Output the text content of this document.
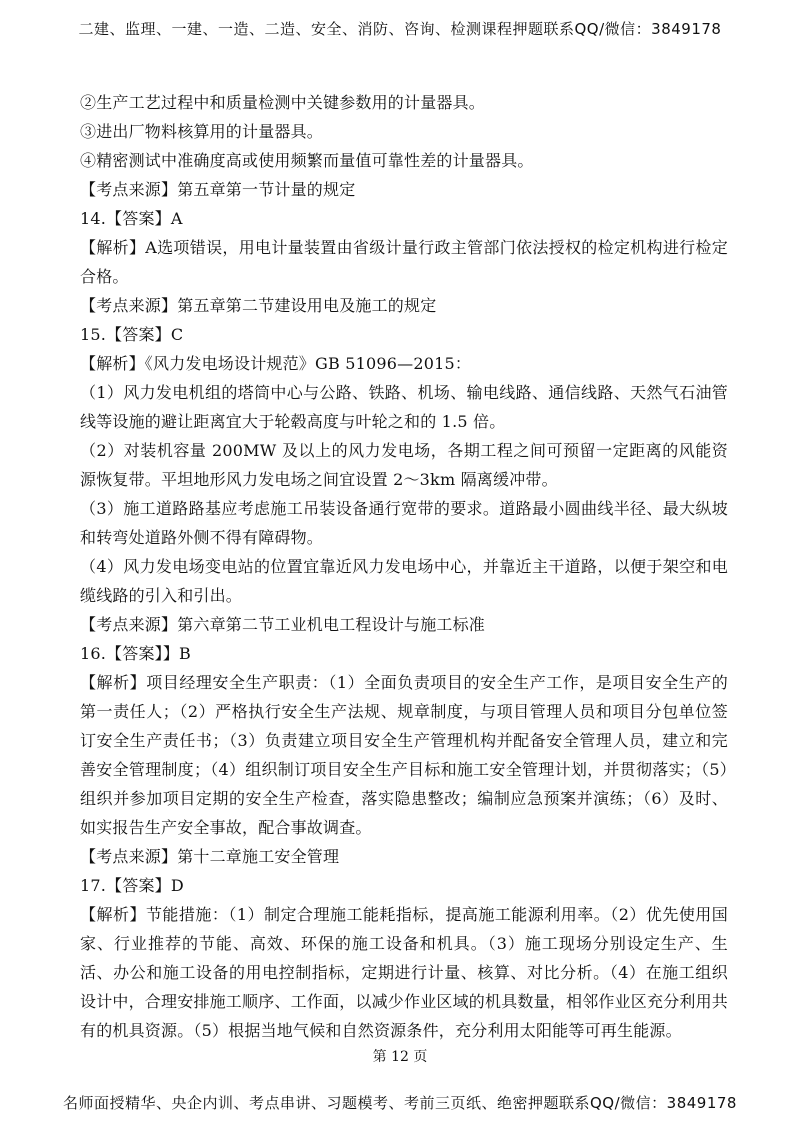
二建、监理、一建、一造、二造、安全、消防、咨询、检测课程押题联系QQ/微信：3849178
②生产工艺过程中和质量检测中关键参数用的计量器具。
③进出厂物料核算用的计量器具。
④精密测试中准确度高或使用频繁而量值可靠性差的计量器具。
【考点来源】第五章第一节计量的规定
14.【答案】A
【解析】A选项错误，用电计量装置由省级计量行政主管部门依法授权的检定机构进行检定合格。
【考点来源】第五章第二节建设用电及施工的规定
15.【答案】C
【解析】《风力发电场设计规范》GB 51096—2015：
（1）风力发电机组的塔筒中心与公路、铁路、机场、输电线路、通信线路、天然气石油管线等设施的避让距离宜大于轮毂高度与叶轮之和的 1.5 倍。
（2）对装机容量 200MW 及以上的风力发电场，各期工程之间可预留一定距离的风能资源恢复带。平坦地形风力发电场之间宜设置 2～3km 隔离缓冲带。
（3）施工道路路基应考虑施工吊装设备通行宽带的要求。道路最小圆曲线半径、最大纵坡和转弯处道路外侧不得有障碍物。
（4）风力发电场变电站的位置宜靠近风力发电场中心，并靠近主干道路，以便于架空和电缆线路的引入和引出。
【考点来源】第六章第二节工业机电工程设计与施工标准
16.【答案】】B
【解析】项目经理安全生产职责：（1）全面负责项目的安全生产工作，是项目安全生产的第一责任人；（2）严格执行安全生产法规、规章制度，与项目管理人员和项目分包单位签订安全生产责任书；（3）负责建立项目安全生产管理机构并配备安全管理人员，建立和完善安全管理制度；（4）组织制订项目安全生产目标和施工安全管理计划，并贯彻落实；（5）组织并参加项目定期的安全生产检查，落实隐患整改；编制应急预案并演练；（6）及时、如实报告生产安全事故，配合事故调查。
【考点来源】第十二章施工安全管理
17.【答案】D
【解析】节能措施：（1）制定合理施工能耗指标，提高施工能源利用率。（2）优先使用国家、行业推荐的节能、高效、环保的施工设备和机具。（3）施工现场分别设定生产、生活、办公和施工设备的用电控制指标，定期进行计量、核算、对比分析。（4）在施工组织设计中，合理安排施工顺序、工作面，以减少作业区域的机具数量，相邻作业区充分利用共有的机具资源。（5）根据当地气候和自然资源条件，充分利用太阳能等可再生能源。
第 12 页
名师面授精华、央企内训、考点串讲、习题模考、考前三页纸、绝密押题联系QQ/微信：3849178
